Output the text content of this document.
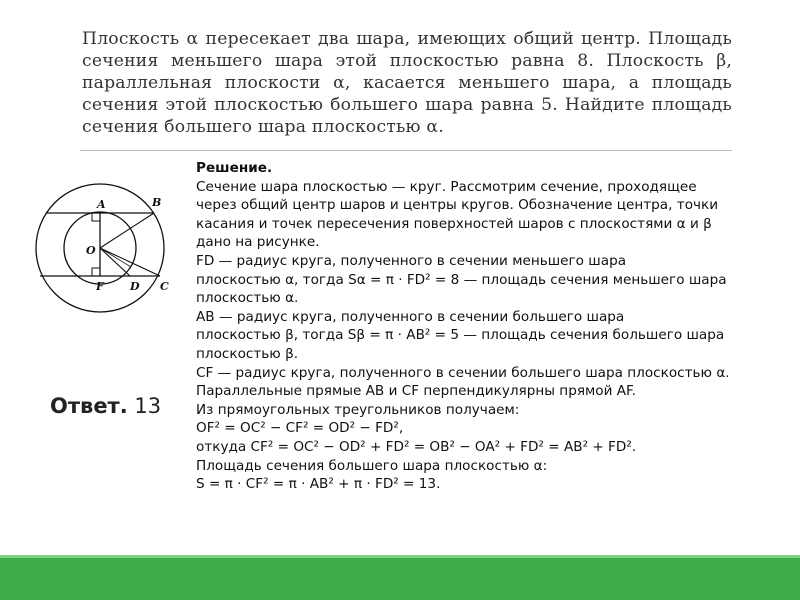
Плоскость α пересекает два шара, имеющих общий центр. Площадь сечения меньшего шара этой плоскостью равна 8. Плоскость β, параллельная плоскости α, касается меньшего шара, а площадь сечения этой плоскостью большего шара равна 5. Найдите площадь сечения большего шара плоскостью α.
A	B
O
F D C
Ответ. 13
Решение.
Сечение шара плоскостью — круг. Рассмотрим сечение, проходящее
через общий центр шаров и центры кругов. Обозначение центра, точки
касания и точек пересечения поверхностей шаров с плоскостями α и β
дано на рисунке.
FD — радиус круга, полученного в сечении меньшего шара
плоскостью α, тогда Sα = π · FD² = 8 — площадь сечения меньшего шара
плоскостью α.
AB — радиус круга, полученного в сечении большего шара
плоскостью β, тогда Sβ = π · AB² = 5 — площадь сечения большего шара
плоскостью β.
CF — радиус круга, полученного в сечении большего шара плоскостью α.
Параллельные прямые AB и CF перпендикулярны прямой AF.
Из прямоугольных треугольников получаем:
OF² = OC² − CF² = OD² − FD²,
откуда CF² = OC² − OD² + FD² = OB² − OA² + FD² = AB² + FD².
Площадь сечения большего шара плоскостью α:
S = π · CF² = π · AB² + π · FD² = 13.
